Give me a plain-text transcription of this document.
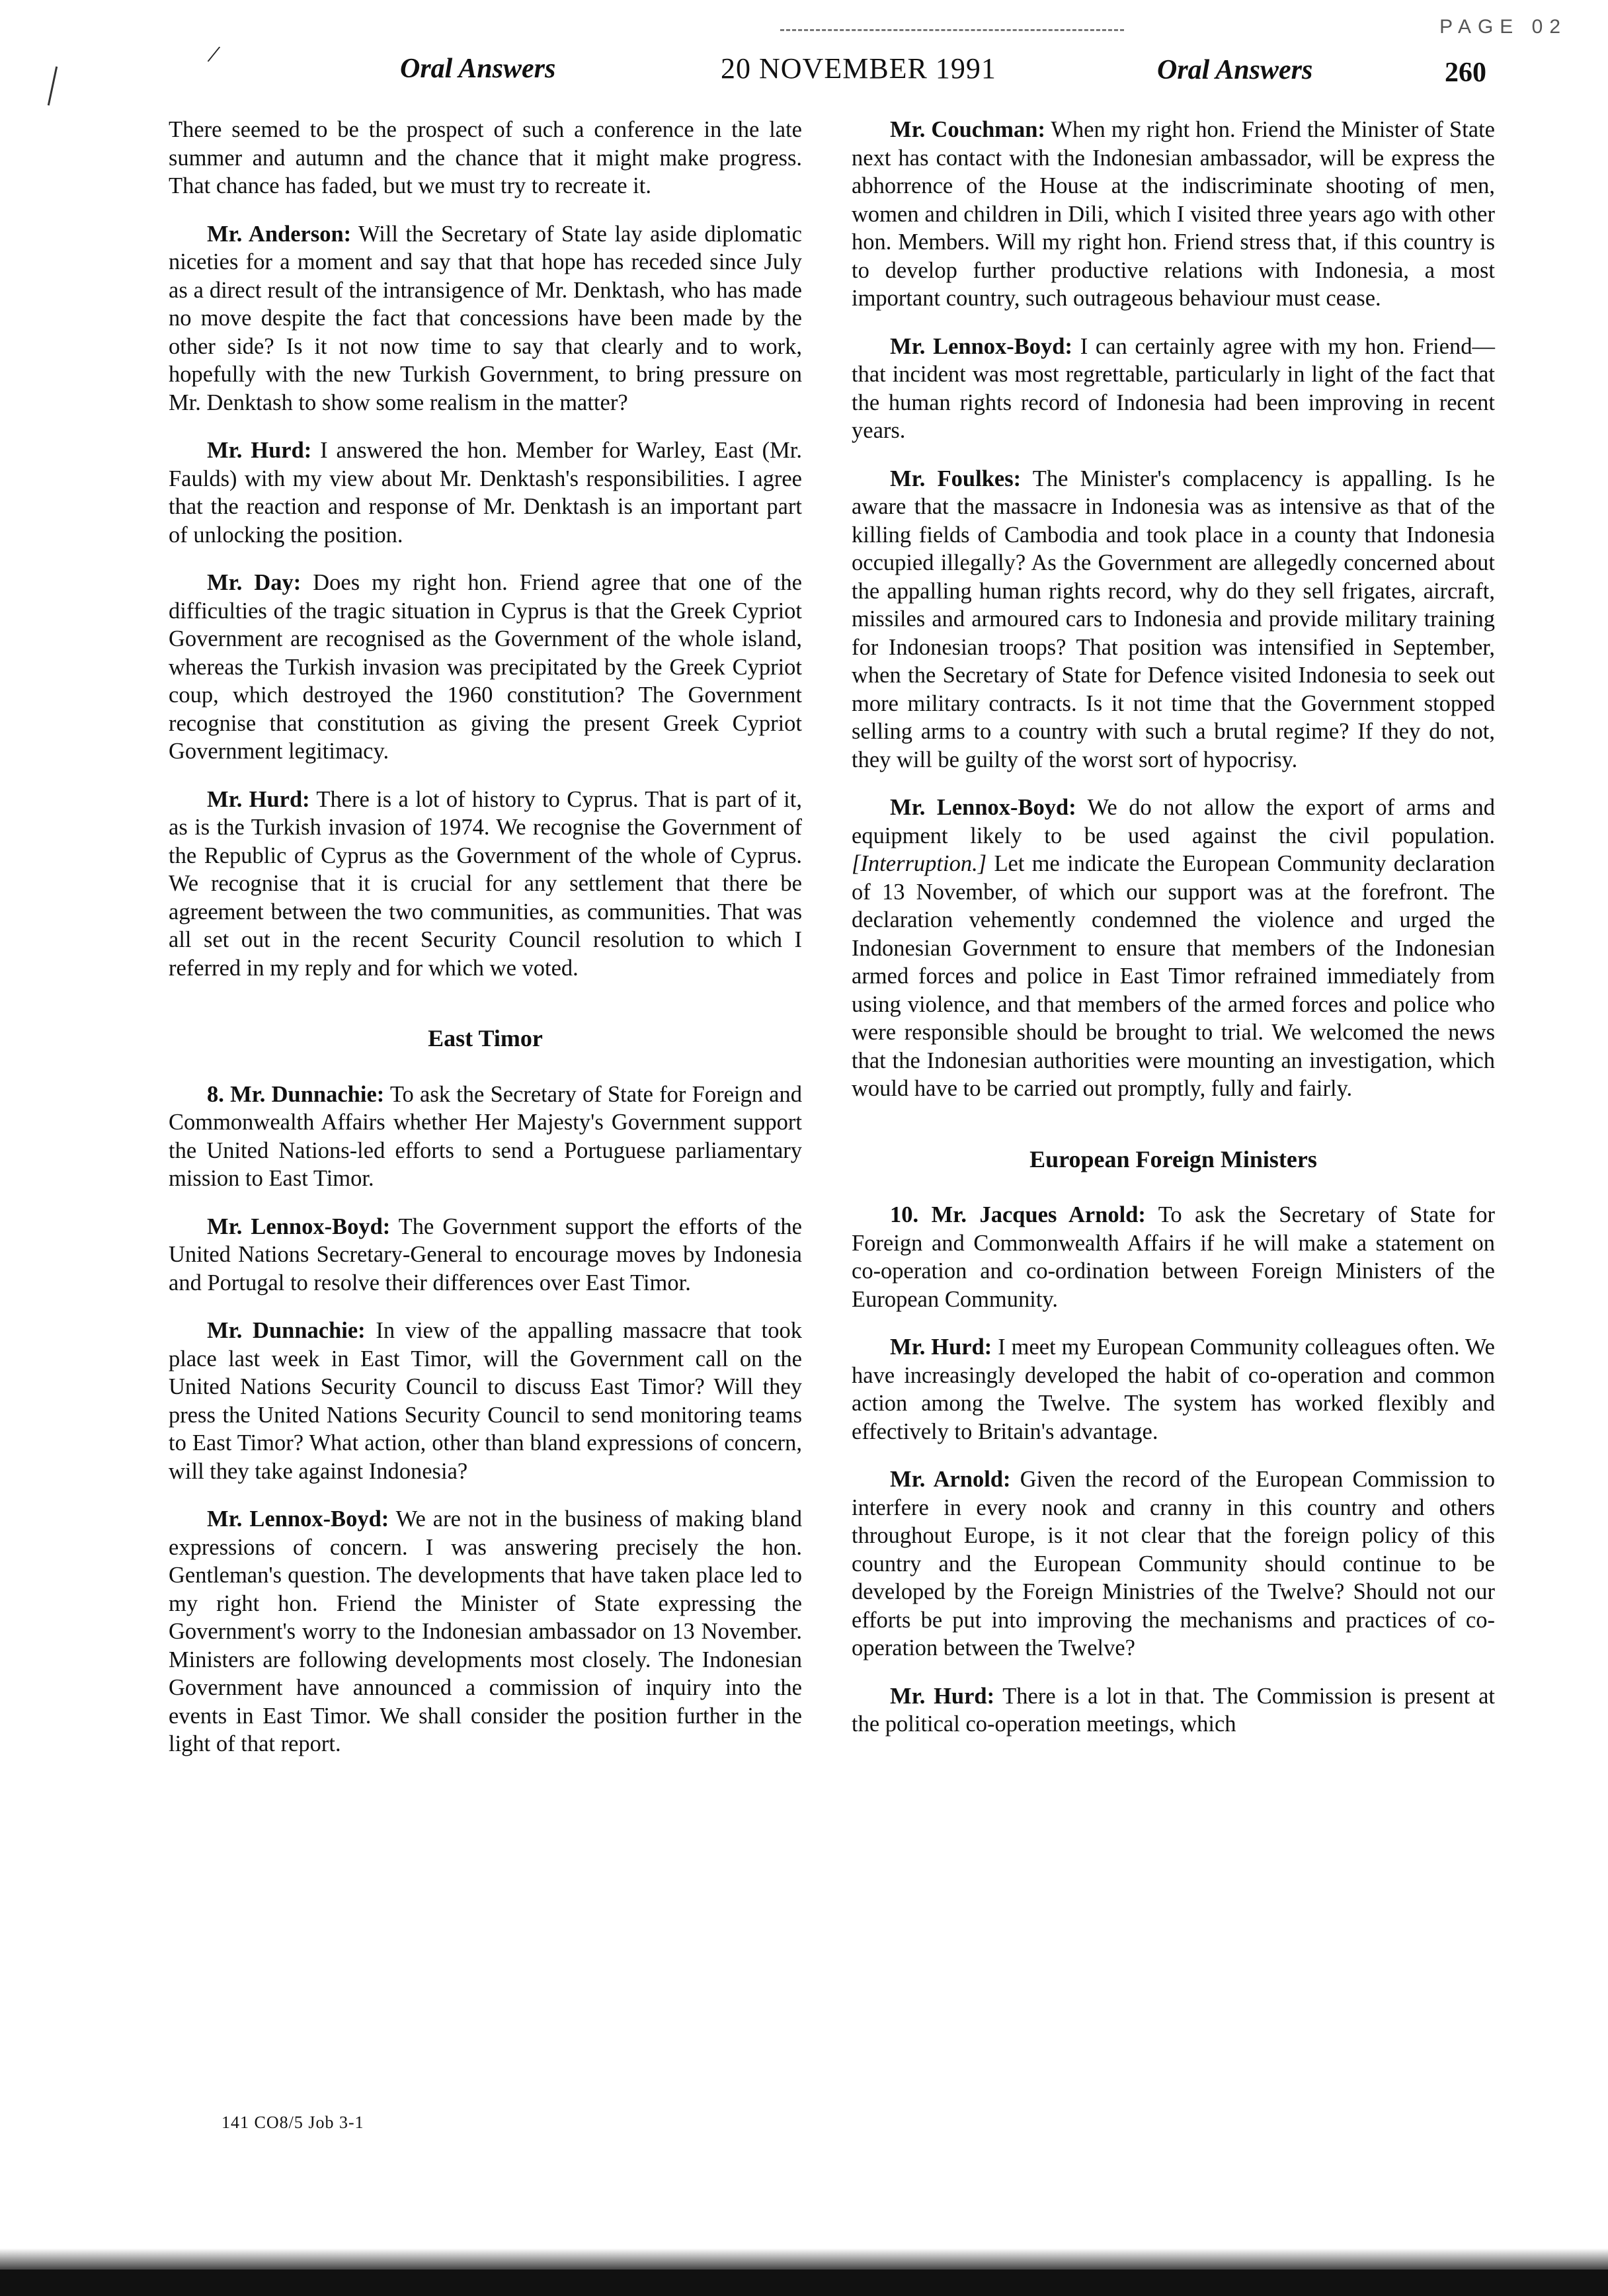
PAGE 02
/	Oral Answers	20 NOVEMBER 1991	Oral Answers	260

There seemed to be the prospect of such a conference in the late summer and autumn and the chance that it might make progress. That chance has faded, but we must try to recreate it.

Mr. Anderson: Will the Secretary of State lay aside diplomatic niceties for a moment and say that that hope has receded since July as a direct result of the intransigence of Mr. Denktash, who has made no move despite the fact that concessions have been made by the other side? Is it not now time to say that clearly and to work, hopefully with the new Turkish Government, to bring pressure on Mr. Denktash to show some realism in the matter?

Mr. Hurd: I answered the hon. Member for Warley, East (Mr. Faulds) with my view about Mr. Denktash's responsibilities. I agree that the reaction and response of Mr. Denktash is an important part of unlocking the position.

Mr. Day: Does my right hon. Friend agree that one of the difficulties of the tragic situation in Cyprus is that the Greek Cypriot Government are recognised as the Government of the whole island, whereas the Turkish invasion was precipitated by the Greek Cypriot coup, which destroyed the 1960 constitution? The Government recognise that constitution as giving the present Greek Cypriot Government legitimacy.

Mr. Hurd: There is a lot of history to Cyprus. That is part of it, as is the Turkish invasion of 1974. We recognise the Government of the Republic of Cyprus as the Government of the whole of Cyprus. We recognise that it is crucial for any settlement that there be agreement between the two communities, as communities. That was all set out in the recent Security Council resolution to which I referred in my reply and for which we voted.

East Timor

8. Mr. Dunnachie: To ask the Secretary of State for Foreign and Commonwealth Affairs whether Her Majesty's Government support the United Nations-led efforts to send a Portuguese parliamentary mission to East Timor.

Mr. Lennox-Boyd: The Government support the efforts of the United Nations Secretary-General to encourage moves by Indonesia and Portugal to resolve their differences over East Timor.

Mr. Dunnachie: In view of the appalling massacre that took place last week in East Timor, will the Government call on the United Nations Security Council to discuss East Timor? Will they press the United Nations Security Council to send monitoring teams to East Timor? What action, other than bland expressions of concern, will they take against Indonesia?

Mr. Lennox-Boyd: We are not in the business of making bland expressions of concern. I was answering precisely the hon. Gentleman's question. The developments that have taken place led to my right hon. Friend the Minister of State expressing the Government's worry to the Indonesian ambassador on 13 November. Ministers are following developments most closely. The Indonesian Government have announced a commission of inquiry into the events in East Timor. We shall consider the position further in the light of that report.

Mr. Couchman: When my right hon. Friend the Minister of State next has contact with the Indonesian ambassador, will be express the abhorrence of the House at the indiscriminate shooting of men, women and children in Dili, which I visited three years ago with other hon. Members. Will my right hon. Friend stress that, if this country is to develop further productive relations with Indonesia, a most important country, such outrageous behaviour must cease.

Mr. Lennox-Boyd: I can certainly agree with my hon. Friend—that incident was most regrettable, particularly in light of the fact that the human rights record of Indonesia had been improving in recent years.

Mr. Foulkes: The Minister's complacency is appalling. Is he aware that the massacre in Indonesia was as intensive as that of the killing fields of Cambodia and took place in a county that Indonesia occupied illegally? As the Government are allegedly concerned about the appalling human rights record, why do they sell frigates, aircraft, missiles and armoured cars to Indonesia and provide military training for Indonesian troops? That position was intensified in September, when the Secretary of State for Defence visited Indonesia to seek out more military contracts. Is it not time that the Government stopped selling arms to a country with such a brutal regime? If they do not, they will be guilty of the worst sort of hypocrisy.

Mr. Lennox-Boyd: We do not allow the export of arms and equipment likely to be used against the civil population. [Interruption.] Let me indicate the European Community declaration of 13 November, of which our support was at the forefront. The declaration vehemently condemned the violence and urged the Indonesian Government to ensure that members of the Indonesian armed forces and police in East Timor refrained immediately from using violence, and that members of the armed forces and police who were responsible should be brought to trial. We welcomed the news that the Indonesian authorities were mounting an investigation, which would have to be carried out promptly, fully and fairly.

European Foreign Ministers

10. Mr. Jacques Arnold: To ask the Secretary of State for Foreign and Commonwealth Affairs if he will make a statement on co-operation and co-ordination between Foreign Ministers of the European Community.

Mr. Hurd: I meet my European Community colleagues often. We have increasingly developed the habit of co-operation and common action among the Twelve. The system has worked flexibly and effectively to Britain's advantage.

Mr. Arnold: Given the record of the European Commission to interfere in every nook and cranny in this country and others throughout Europe, is it not clear that the foreign policy of this country and the European Community should continue to be developed by the Foreign Ministries of the Twelve? Should not our efforts be put into improving the mechanisms and practices of co-operation between the Twelve?

Mr. Hurd: There is a lot in that. The Commission is present at the political co-operation meetings, which

141 CO8/5 Job 3-1
